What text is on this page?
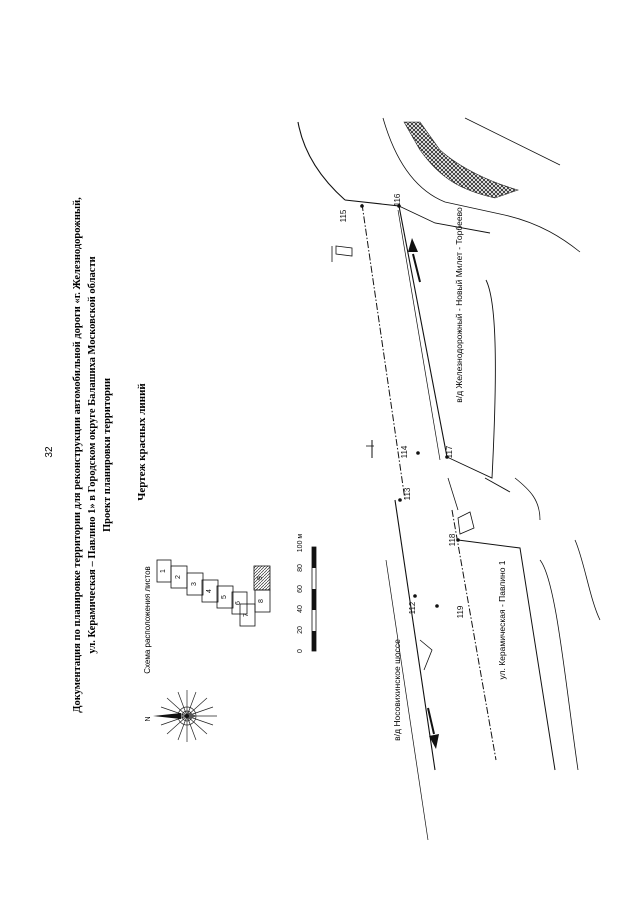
32 Документация по планировке территории для реконструкции автомобильной дороги «г. Железнодорожный, ул. Керамическая – Павлино 1» в Городском округе Балашиха Московской области Проект планировки территории Чертеж красных линий
Схема расположения листов 1
2
3
4
5
6
7
8
9
0
20
40
60
80
100 м
N
115
116
114	117
113
118
112	119
в/д Носовихинское шоссе
в/д Железнодорожный - Новый Милет - Торбеево
ул. Керамическая - Павлино 1
